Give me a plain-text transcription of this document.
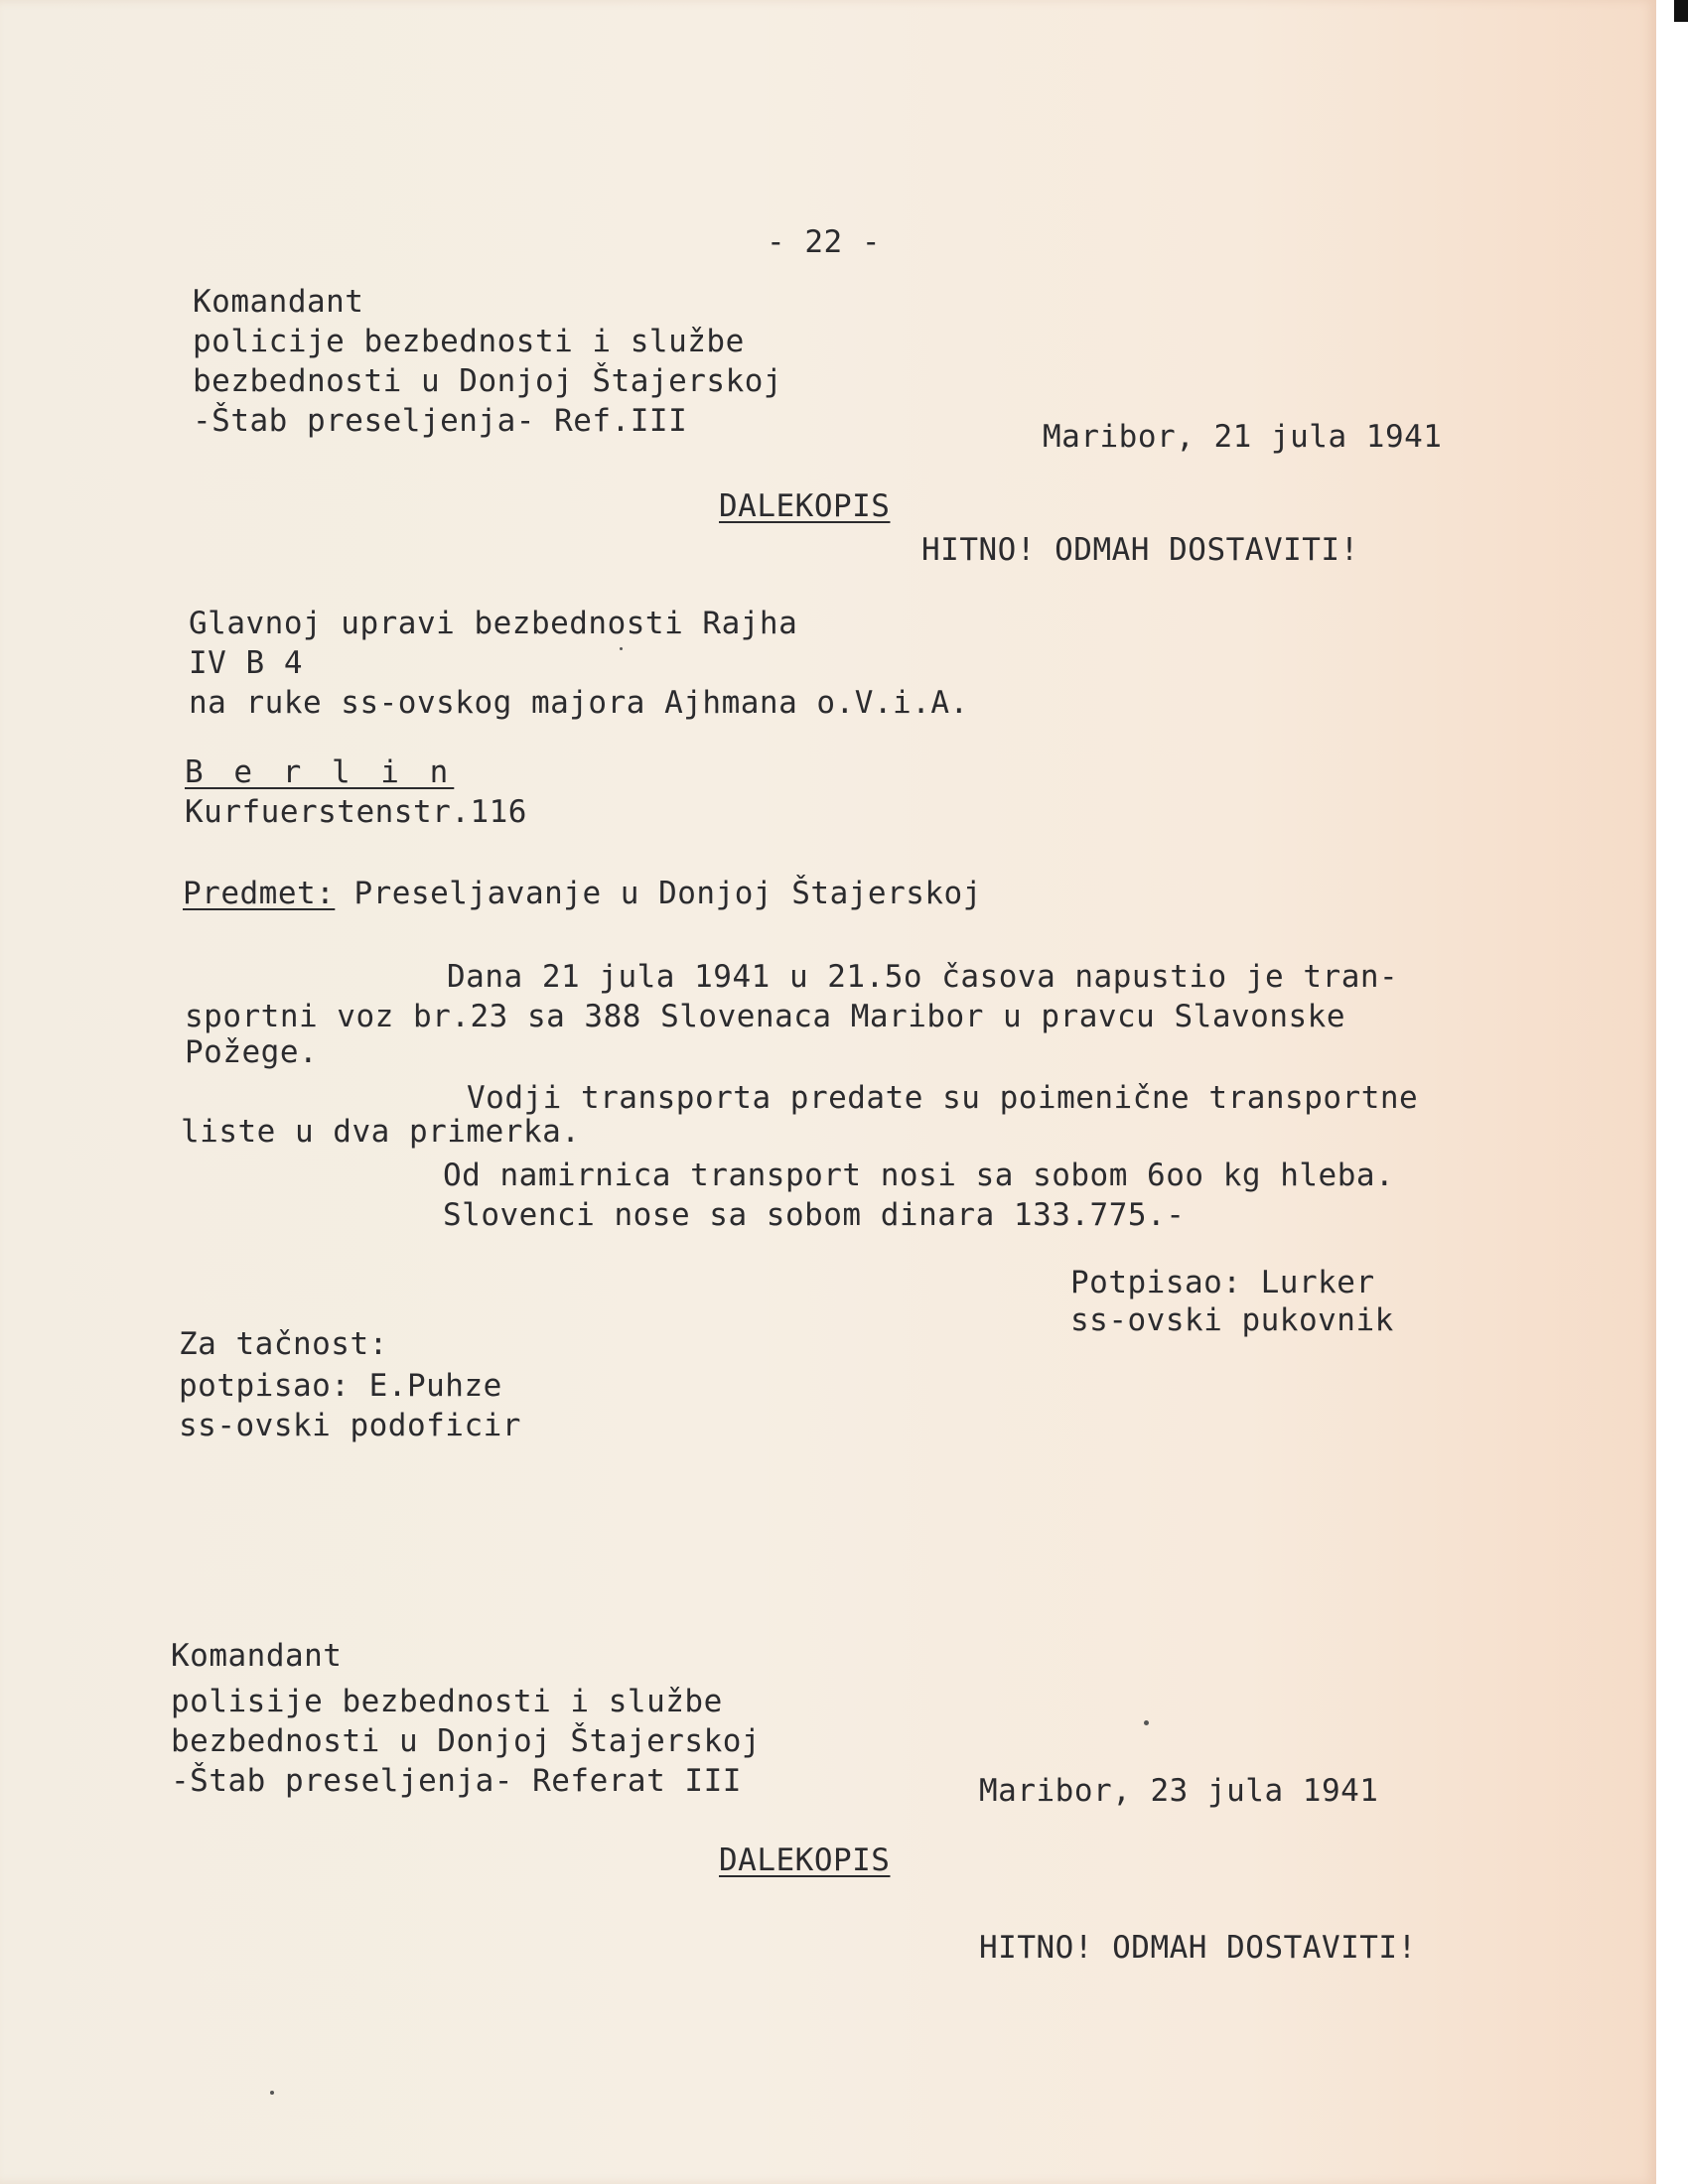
- 22 -

Komandant

policije bezbednosti i službe

bezbednosti u Donjoj Štajerskoj

-Štab preseljenja- Ref.III	Maribor, 21 jula 1941

DALEKOPIS

HITNO! ODMAH DOSTAVITI!

Glavnoj upravi bezbednosti Rajha

IV B 4

na ruke ss-ovskog majora Ajhmana o.V.i.A.

B e r l i n

Kurfuerstenstr.116

Predmet: Preseljavanje u Donjoj Štajerskoj

Dana 21 jula 1941 u 21.5o časova napustio je tran-

sportni voz br.23 sa 388 Slovenaca Maribor u pravcu Slavonske

Požege.

Vodji transporta predate su poimenične transportne

liste u dva primerka.

Od namirnica transport nosi sa sobom 6oo kg hleba.

Slovenci nose sa sobom dinara 133.775.-

Potpisao: Lurker

ss-ovski pukovnik

Za tačnost:

potpisao: E.Puhze

ss-ovski podoficir

Komandant

polisije bezbednosti i službe

bezbednosti u Donjoj Štajerskoj

-Štab preseljenja- Referat III	Maribor, 23 jula 1941

DALEKOPIS

HITNO! ODMAH DOSTAVITI!
